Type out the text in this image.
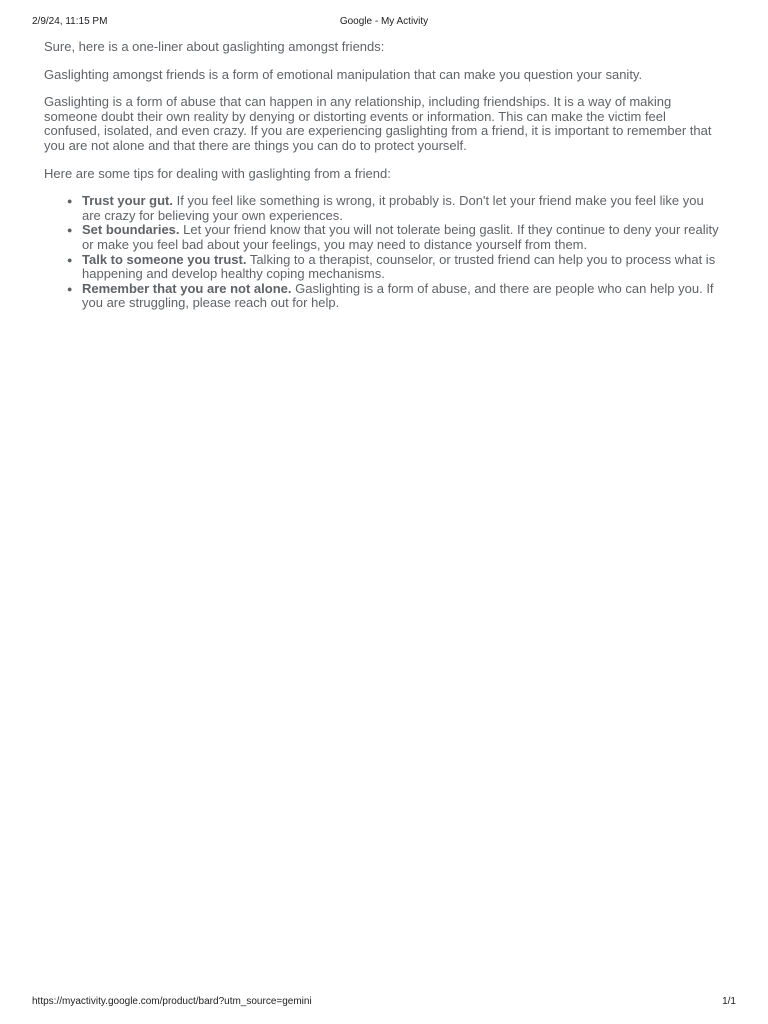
2/9/24, 11:15 PM	Google - My Activity

Sure, here is a one-liner about gaslighting amongst friends:

Gaslighting amongst friends is a form of emotional manipulation that can make you question your sanity.

Gaslighting is a form of abuse that can happen in any relationship, including friendships. It is a way of making someone doubt their own reality by denying or distorting events or information. This can make the victim feel confused, isolated, and even crazy. If you are experiencing gaslighting from a friend, it is important to remember that you are not alone and that there are things you can do to protect yourself.

Here are some tips for dealing with gaslighting from a friend:

● Trust your gut. If you feel like something is wrong, it probably is. Don't let your friend make you feel like you are crazy for believing your own experiences.
● Set boundaries. Let your friend know that you will not tolerate being gaslit. If they continue to deny your reality or make you feel bad about your feelings, you may need to distance yourself from them.
● Talk to someone you trust. Talking to a therapist, counselor, or trusted friend can help you to process what is happening and develop healthy coping mechanisms.
● Remember that you are not alone. Gaslighting is a form of abuse, and there are people who can help you. If you are struggling, please reach out for help.
https://myactivity.google.com/product/bard?utm_source=gemini	1/1
